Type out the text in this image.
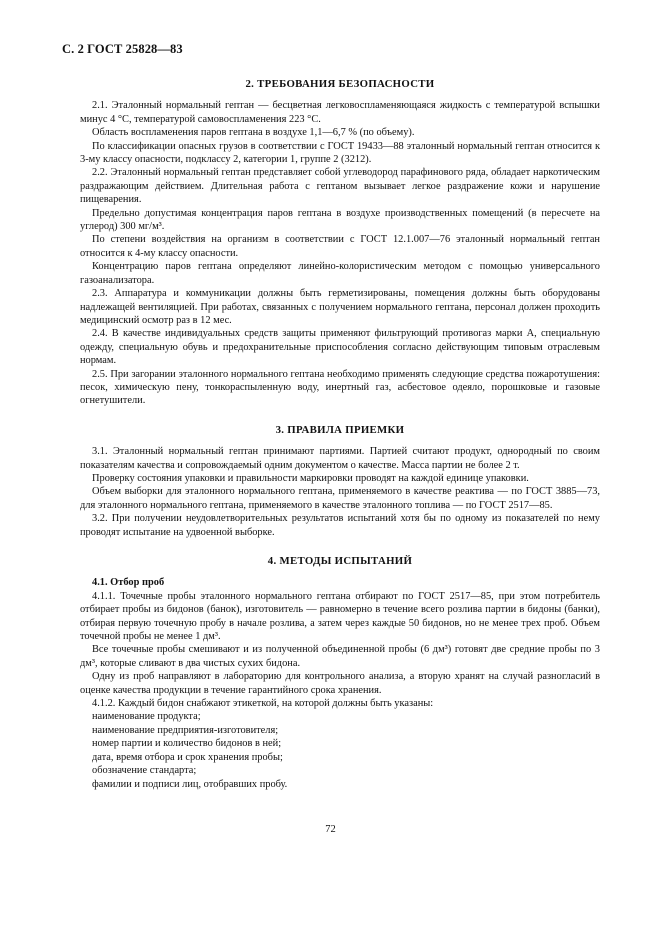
С. 2 ГОСТ 25828—83
2. ТРЕБОВАНИЯ БЕЗОПАСНОСТИ

2.1. Эталонный нормальный гептан — бесцветная легковоспламеняющаяся жидкость с температурой вспышки минус 4 °С, температурой самовоспламенения 223 °С.

Область воспламенения паров гептана в воздухе 1,1—6,7 % (по объему).

По классификации опасных грузов в соответствии с ГОСТ 19433—88 эталонный нормальный гептан относится к 3-му классу опасности, подклассу 2, категории 1, группе 2 (3212).

2.2. Эталонный нормальный гептан представляет собой углеводород парафинового ряда, обладает наркотическим раздражающим действием. Длительная работа с гептаном вызывает легкое раздражение кожи и нарушение пищеварения.

Предельно допустимая концентрация паров гептана в воздухе производственных помещений (в пересчете на углерод) 300 мг/м³.

По степени воздействия на организм в соответствии с ГОСТ 12.1.007—76 эталонный нормальный гептан относится к 4-му классу опасности.

Концентрацию паров гептана определяют линейно-колористическим методом с помощью универсального газоанализатора.

2.3. Аппаратура и коммуникации должны быть герметизированы, помещения должны быть оборудованы надлежащей вентиляцией. При работах, связанных с получением нормального гептана, персонал должен проходить медицинский осмотр раз в 12 мес.

2.4. В качестве индивидуальных средств защиты применяют фильтрующий противогаз марки А, специальную одежду, специальную обувь и предохранительные приспособления согласно действующим типовым отраслевым нормам.

2.5. При загорании эталонного нормального гептана необходимо применять следующие средства пожаротушения: песок, химическую пену, тонкораспыленную воду, инертный газ, асбестовое одеяло, порошковые и газовые огнетушители.

3. ПРАВИЛА ПРИЕМКИ

3.1. Эталонный нормальный гептан принимают партиями. Партией считают продукт, однородный по своим показателям качества и сопровождаемый одним документом о качестве. Масса партии не более 2 т.

Проверку состояния упаковки и правильности маркировки проводят на каждой единице упаковки.

Объем выборки для эталонного нормального гептана, применяемого в качестве реактива — по ГОСТ 3885—73, для эталонного нормального гептана, применяемого в качестве эталонного топлива — по ГОСТ 2517—85.

3.2. При получении неудовлетворительных результатов испытаний хотя бы по одному из показателей по нему проводят испытание на удвоенной выборке.

4. МЕТОДЫ ИСПЫТАНИЙ

4.1. Отбор проб

4.1.1. Точечные пробы эталонного нормального гептана отбирают по ГОСТ 2517—85, при этом потребитель отбирает пробы из бидонов (банок), изготовитель — равномерно в течение всего розлива партии в бидоны (банки), отбирая первую точечную пробу в начале розлива, а затем через каждые 50 бидонов, но не менее трех проб. Объем точечной пробы не менее 1 дм³.

Все точечные пробы смешивают и из полученной объединенной пробы (6 дм³) готовят две средние пробы по 3 дм³, которые сливают в два чистых сухих бидона.

Одну из проб направляют в лабораторию для контрольного анализа, а вторую хранят на случай разногласий в оценке качества продукции в течение гарантийного срока хранения.

4.1.2. Каждый бидон снабжают этикеткой, на которой должны быть указаны:

наименование продукта;

наименование предприятия-изготовителя;

номер партии и количество бидонов в ней;

дата, время отбора и срок хранения пробы;

обозначение стандарта;

фамилии и подписи лиц, отобравших пробу.

72
